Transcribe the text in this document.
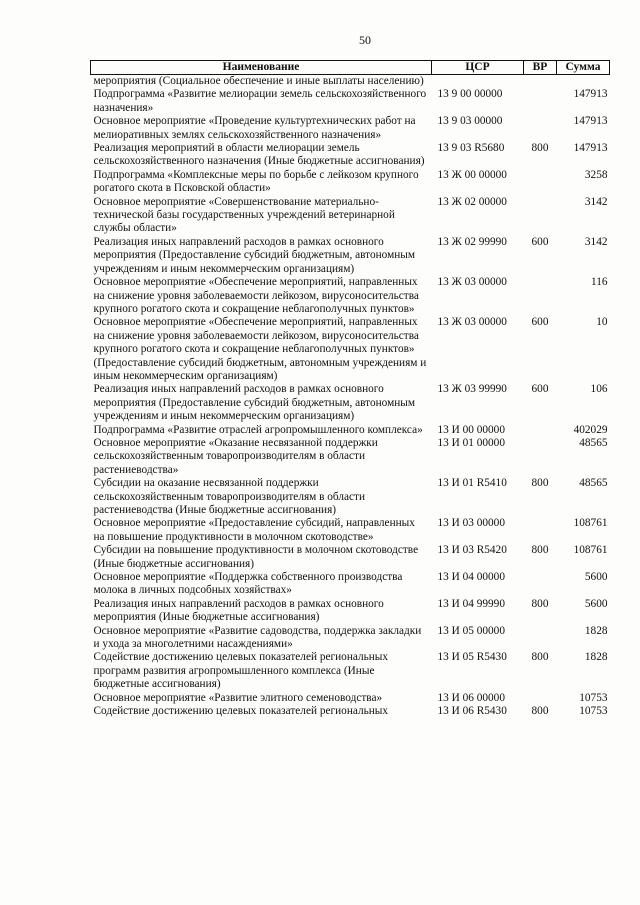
50
Наименование	ЦСР	ВР	Сумма
мероприятия (Социальное обеспечение и иные выплаты населению)			
Подпрограмма «Развитие мелиорации земель сельскохозяйственного назначения»	13 9 00 00000		147913
Основное мероприятие «Проведение культуртехнических работ на мелиоративных землях сельскохозяйственного назначения»	13 9 03 00000		147913
Реализация мероприятий в области мелиорации земель сельскохозяйственного назначения (Иные бюджетные ассигнования)	13 9 03 R5680	800	147913
Подпрограмма «Комплексные меры по борьбе с лейкозом крупного рогатого скота в Псковской области»	13 Ж 00 00000		3258
Основное мероприятие «Совершенствование материально-технической базы государственных учреждений ветеринарной службы области»	13 Ж 02 00000		3142
Реализация иных направлений расходов в рамках основного мероприятия (Предоставление субсидий бюджетным, автономным учреждениям и иным некоммерческим организациям)	13 Ж 02 99990	600	3142
Основное мероприятие «Обеспечение мероприятий, направленных на снижение уровня заболеваемости лейкозом, вирусоносительства крупного рогатого скота и сокращение неблагополучных пунктов»	13 Ж 03 00000		116
Основное мероприятие «Обеспечение мероприятий, направленных на снижение уровня заболеваемости лейкозом, вирусоносительства крупного рогатого скота и сокращение неблагополучных пунктов» (Предоставление субсидий бюджетным, автономным учреждениям и иным некоммерческим организациям)	13 Ж 03 00000	600	10
Реализация иных направлений расходов в рамках основного мероприятия (Предоставление субсидий бюджетным, автономным учреждениям и иным некоммерческим организациям)	13 Ж 03 99990	600	106
Подпрограмма «Развитие отраслей агропромышленного комплекса»	13 И 00 00000		402029
Основное мероприятие «Оказание несвязанной поддержки сельскохозяйственным товаропроизводителям в области растениеводства»	13 И 01 00000		48565
Субсидии на оказание несвязанной поддержки сельскохозяйственным товаропроизводителям в области растениеводства (Иные бюджетные ассигнования)	13 И 01 R5410	800	48565
Основное мероприятие «Предоставление субсидий, направленных на повышение продуктивности в молочном скотоводстве»	13 И 03 00000		108761
Субсидии на повышение продуктивности в молочном скотоводстве (Иные бюджетные ассигнования)	13 И 03 R5420	800	108761
Основное мероприятие «Поддержка собственного производства молока в личных подсобных хозяйствах»	13 И 04 00000		5600
Реализация иных направлений расходов в рамках основного мероприятия (Иные бюджетные ассигнования)	13 И 04 99990	800	5600
Основное мероприятие «Развитие садоводства, поддержка закладки и ухода за многолетними насаждениями»	13 И 05 00000		1828
Содействие достижению целевых показателей региональных программ развития агропромышленного комплекса (Иные бюджетные ассигнования)	13 И 05 R5430	800	1828
Основное мероприятие «Развитие элитного семеноводства»	13 И 06 00000		10753
Содействие достижению целевых показателей региональных	13 И 06 R5430	800	10753
